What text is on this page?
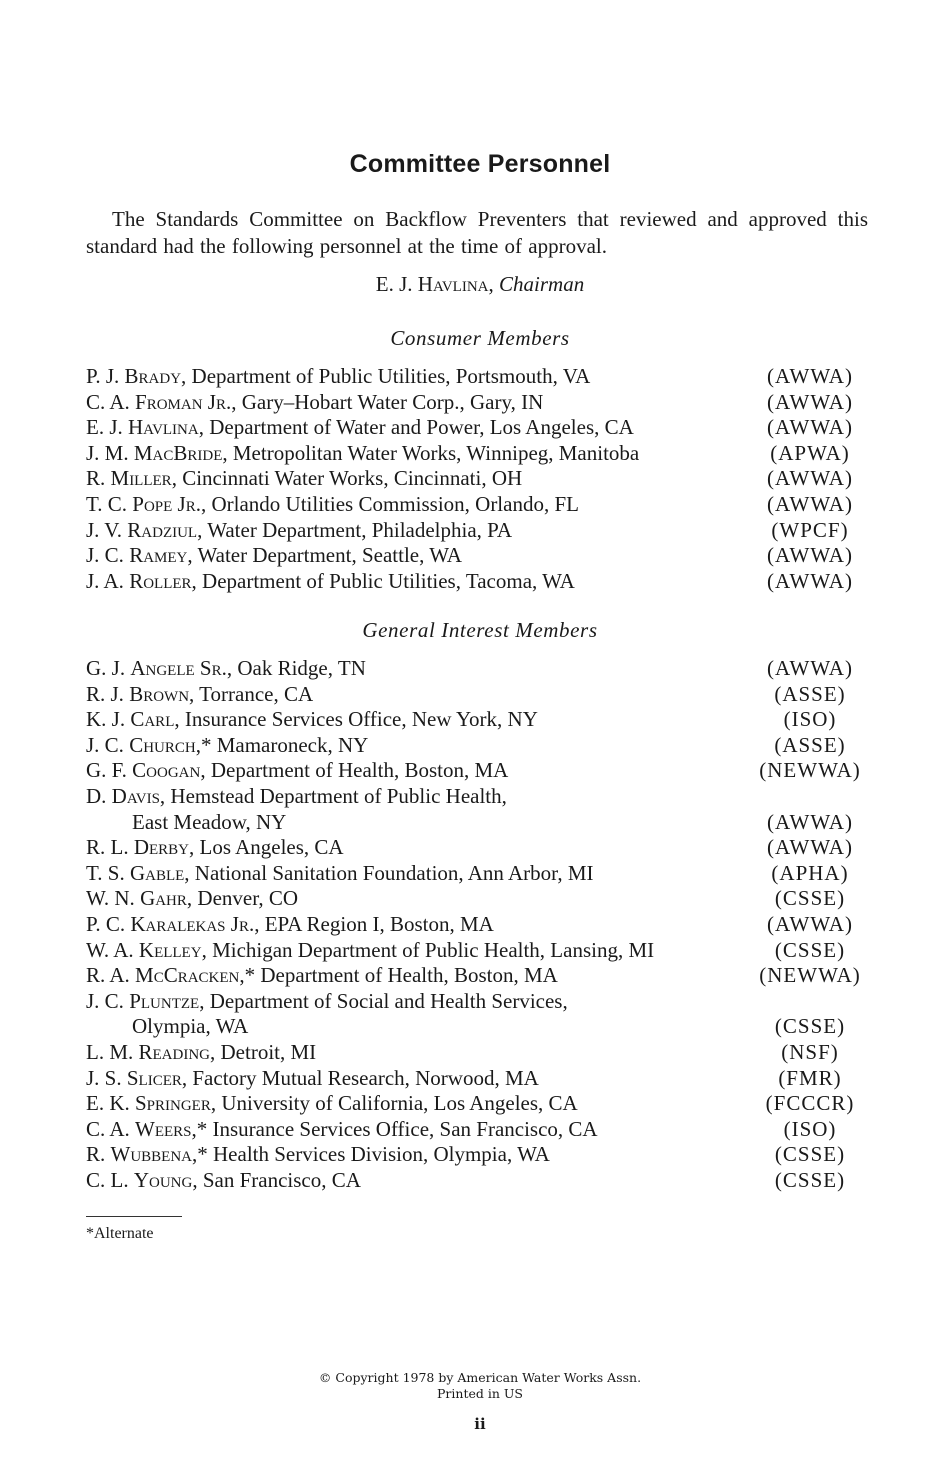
Committee Personnel

The Standards Committee on Backflow Preventers that reviewed and approved this standard had the following personnel at the time of approval.

E. J. Havlina, Chairman
Consumer Members
P. J. Brady, Department of Public Utilities, Portsmouth, VA	(AWWA)
C. A. Froman Jr., Gary–Hobart Water Corp., Gary, IN	(AWWA)
E. J. Havlina, Department of Water and Power, Los Angeles, CA	(AWWA)
J. M. MacBride, Metropolitan Water Works, Winnipeg, Manitoba	(APWA)
R. Miller, Cincinnati Water Works, Cincinnati, OH	(AWWA)
T. C. Pope Jr., Orlando Utilities Commission, Orlando, FL	(AWWA)
J. V. Radziul, Water Department, Philadelphia, PA	(WPCF)
J. C. Ramey, Water Department, Seattle, WA	(AWWA)
J. A. Roller, Department of Public Utilities, Tacoma, WA	(AWWA)
General Interest Members
G. J. Angele Sr., Oak Ridge, TN	(AWWA)
R. J. Brown, Torrance, CA	(ASSE)
K. J. Carl, Insurance Services Office, New York, NY	(ISO)
J. C. Church,* Mamaroneck, NY	(ASSE)
G. F. Coogan, Department of Health, Boston, MA	(NEWWA)
D. Davis, Hemstead Department of Public Health,
East Meadow, NY	(AWWA)
R. L. Derby, Los Angeles, CA	(AWWA)
T. S. Gable, National Sanitation Foundation, Ann Arbor, MI	(APHA)
W. N. Gahr, Denver, CO	(CSSE)
P. C. Karalekas Jr., EPA Region I, Boston, MA	(AWWA)
W. A. Kelley, Michigan Department of Public Health, Lansing, MI	(CSSE)
R. A. McCracken,* Department of Health, Boston, MA	(NEWWA)
J. C. Pluntze, Department of Social and Health Services,
Olympia, WA	(CSSE)
L. M. Reading, Detroit, MI	(NSF)
J. S. Slicer, Factory Mutual Research, Norwood, MA	(FMR)
E. K. Springer, University of California, Los Angeles, CA	(FCCCR)
C. A. Weers,* Insurance Services Office, San Francisco, CA	(ISO)
R. Wubbena,* Health Services Division, Olympia, WA	(CSSE)
C. L. Young, San Francisco, CA	(CSSE)
*Alternate
© Copyright 1978 by American Water Works Assn.
Printed in US
ii
